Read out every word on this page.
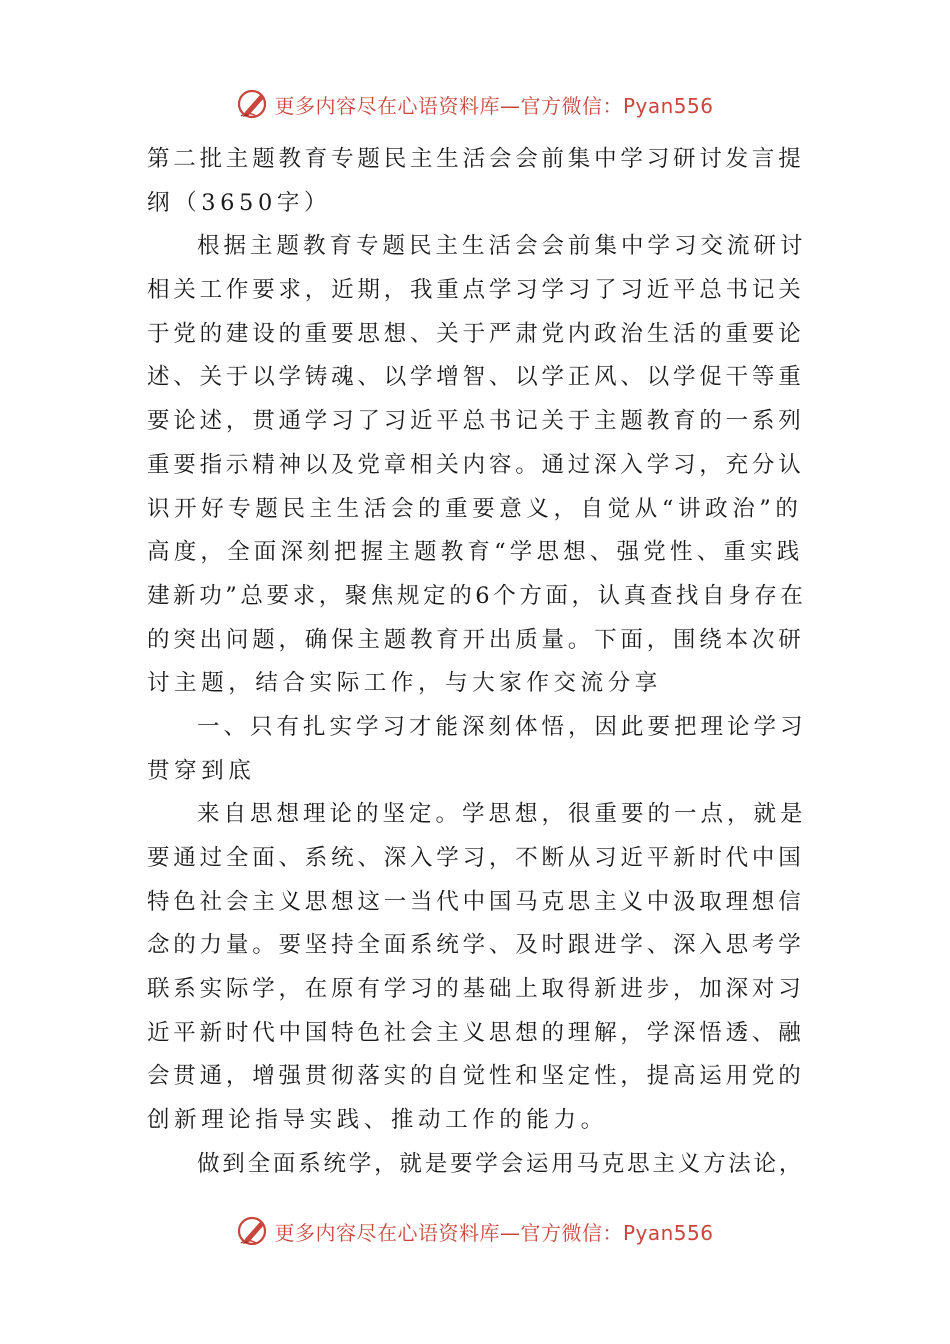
更多内容尽在心语资料库—官方微信：Pyan556
第二批主题教育专题民主生活会会前集中学习研讨发言提
纲（3650字）
根据主题教育专题民主生活会会前集中学习交流研讨
相关工作要求，近期，我重点学习学习了习近平总书记关
于党的建设的重要思想、关于严肃党内政治生活的重要论
述、关于以学铸魂、以学增智、以学正风、以学促干等重
要论述，贯通学习了习近平总书记关于主题教育的一系列
重要指示精神以及党章相关内容。通过深入学习，充分认
识开好专题民主生活会的重要意义，自觉从“讲政治”的
高度，全面深刻把握主题教育“学思想、强党性、重实践
建新功”总要求，聚焦规定的6个方面，认真查找自身存在
的突出问题，确保主题教育开出质量。下面，围绕本次研
讨主题，结合实际工作，与大家作交流分享
一、只有扎实学习才能深刻体悟，因此要把理论学习
贯穿到底
来自思想理论的坚定。学思想，很重要的一点，就是
要通过全面、系统、深入学习，不断从习近平新时代中国
特色社会主义思想这一当代中国马克思主义中汲取理想信
念的力量。要坚持全面系统学、及时跟进学、深入思考学
联系实际学，在原有学习的基础上取得新进步，加深对习
近平新时代中国特色社会主义思想的理解，学深悟透、融
会贯通，增强贯彻落实的自觉性和坚定性，提高运用党的
创新理论指导实践、推动工作的能力。
做到全面系统学，就是要学会运用马克思主义方法论，
更多内容尽在心语资料库—官方微信：Pyan556
